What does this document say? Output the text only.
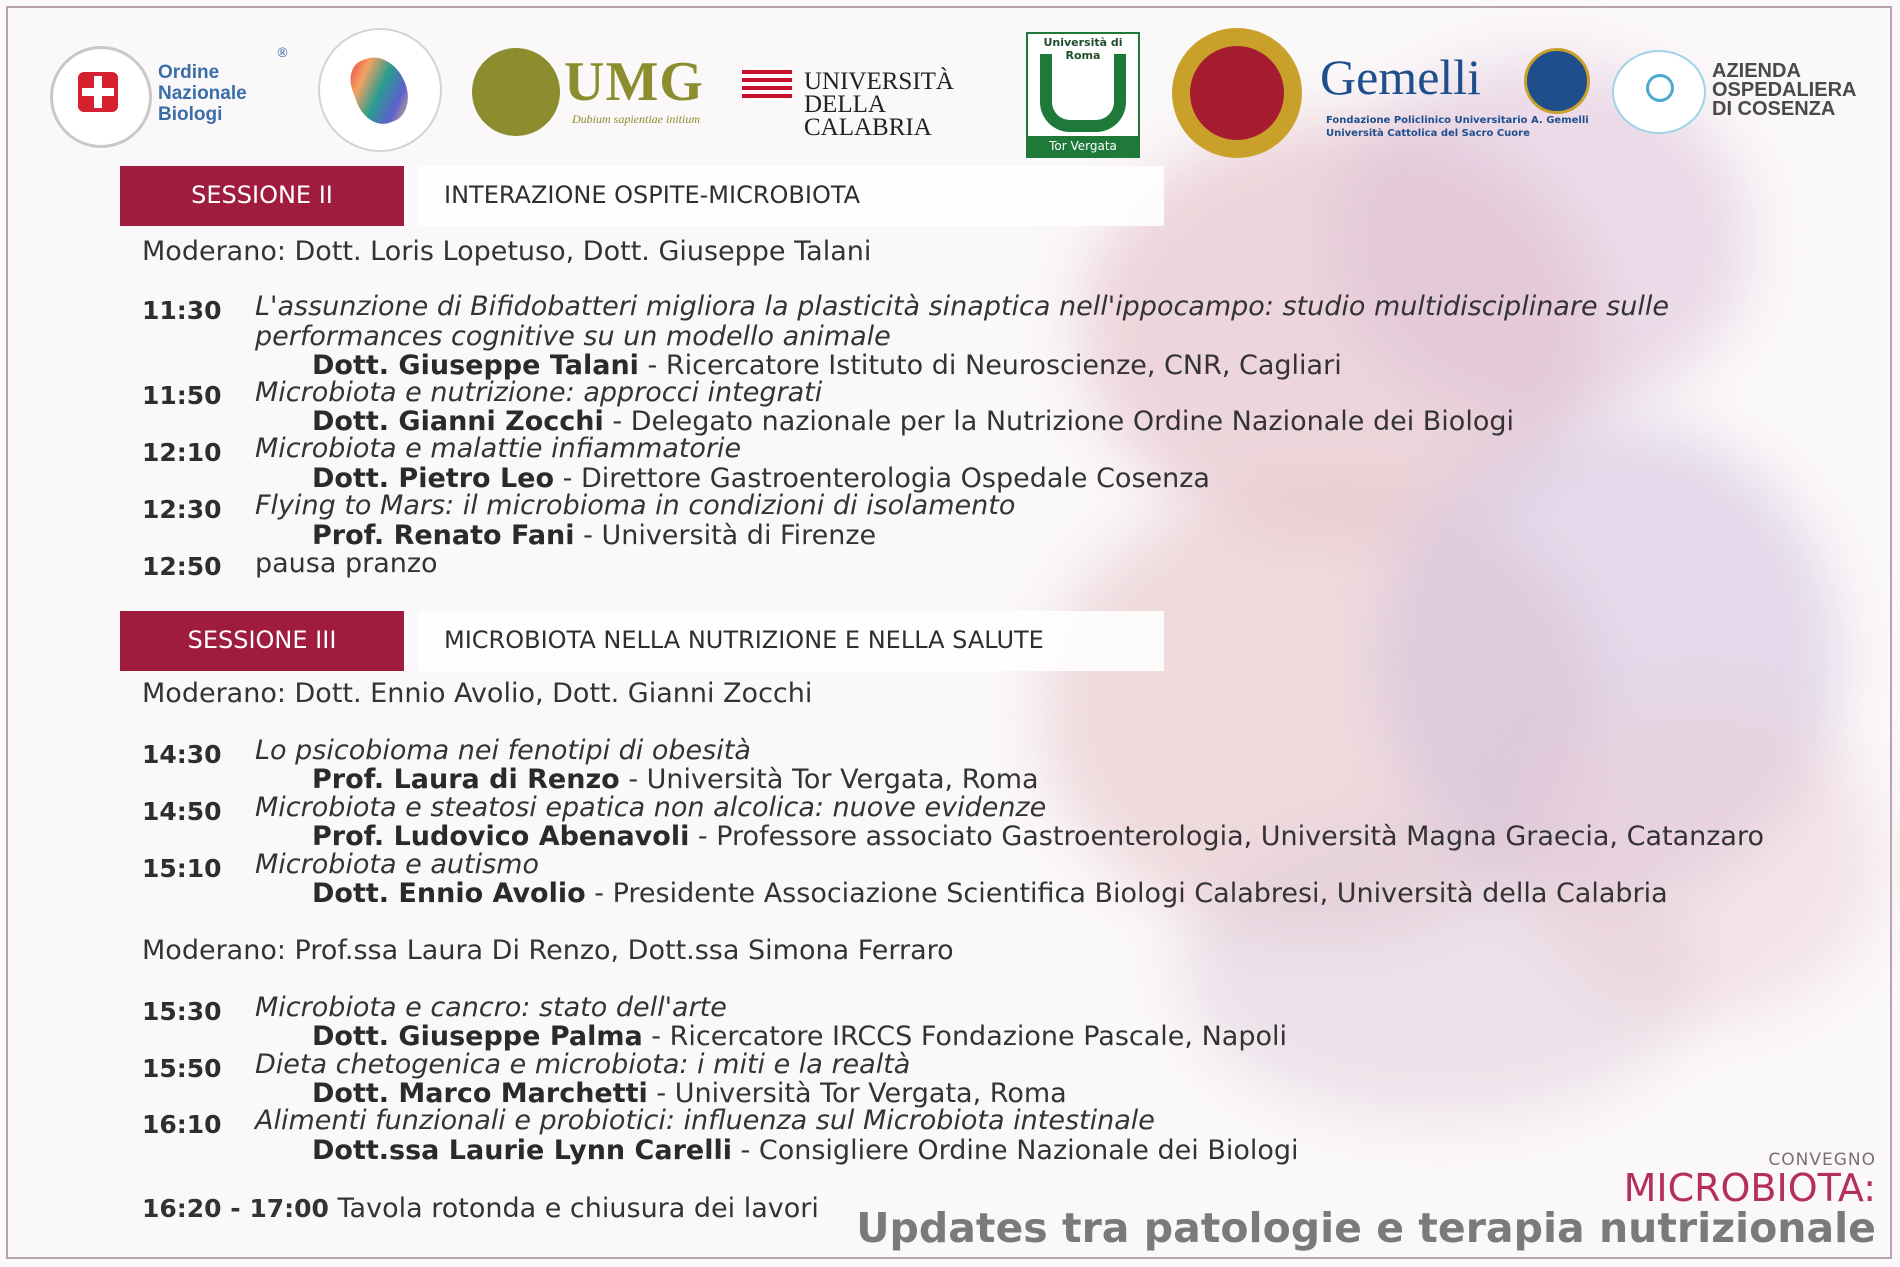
Ordine
Nazionale
Biologi
®	UMG
Dubium sapientiae initium
UNIVERSITÀ
DELLA CALABRIA
Università di Roma
Tor Vergata
Gemelli
Fondazione Policlinico Universitario A. Gemelli
Università Cattolica del Sacro Cuore
AZIENDA
OSPEDALIERA
DI COSENZA
SESSIONE II	INTERAZIONE OSPITE-MICROBIOTA
Moderano: Dott. Loris Lopetuso, Dott. Giuseppe Talani
11:30 L'assunzione di Bifidobatteri migliora la plasticità sinaptica nell'ippocampo: studio multidisciplinare sulle
performances cognitive su un modello animale
Dott. Giuseppe Talani - Ricercatore Istituto di Neuroscienze, CNR, Cagliari
11:50 Microbiota e nutrizione: approcci integrati
Dott. Gianni Zocchi - Delegato nazionale per la Nutrizione Ordine Nazionale dei Biologi
12:10 Microbiota e malattie infiammatorie
Dott. Pietro Leo - Direttore Gastroenterologia Ospedale Cosenza
12:30 Flying to Mars: il microbioma in condizioni di isolamento
Prof. Renato Fani - Università di Firenze
12:50 pausa pranzo
SESSIONE III	MICROBIOTA NELLA NUTRIZIONE E NELLA SALUTE
Moderano: Dott. Ennio Avolio, Dott. Gianni Zocchi
14:30 Lo psicobioma nei fenotipi di obesità
Prof. Laura di Renzo - Università Tor Vergata, Roma
14:50 Microbiota e steatosi epatica non alcolica: nuove evidenze
Prof. Ludovico Abenavoli - Professore associato Gastroenterologia, Università Magna Graecia, Catanzaro
15:10 Microbiota e autismo
Dott. Ennio Avolio - Presidente Associazione Scientifica Biologi Calabresi, Università della Calabria
Moderano: Prof.ssa Laura Di Renzo, Dott.ssa Simona Ferraro
15:30 Microbiota e cancro: stato dell'arte
Dott. Giuseppe Palma - Ricercatore IRCCS Fondazione Pascale, Napoli
15:50 Dieta chetogenica e microbiota: i miti e la realtà
Dott. Marco Marchetti - Università Tor Vergata, Roma
16:10 Alimenti funzionali e probiotici: influenza sul Microbiota intestinale
Dott.ssa Laurie Lynn Carelli - Consigliere Ordine Nazionale dei Biologi
16:20 - 17:00 Tavola rotonda e chiusura dei lavori
CONVEGNO
MICROBIOTA:
Updates tra patologie e terapia nutrizionale
